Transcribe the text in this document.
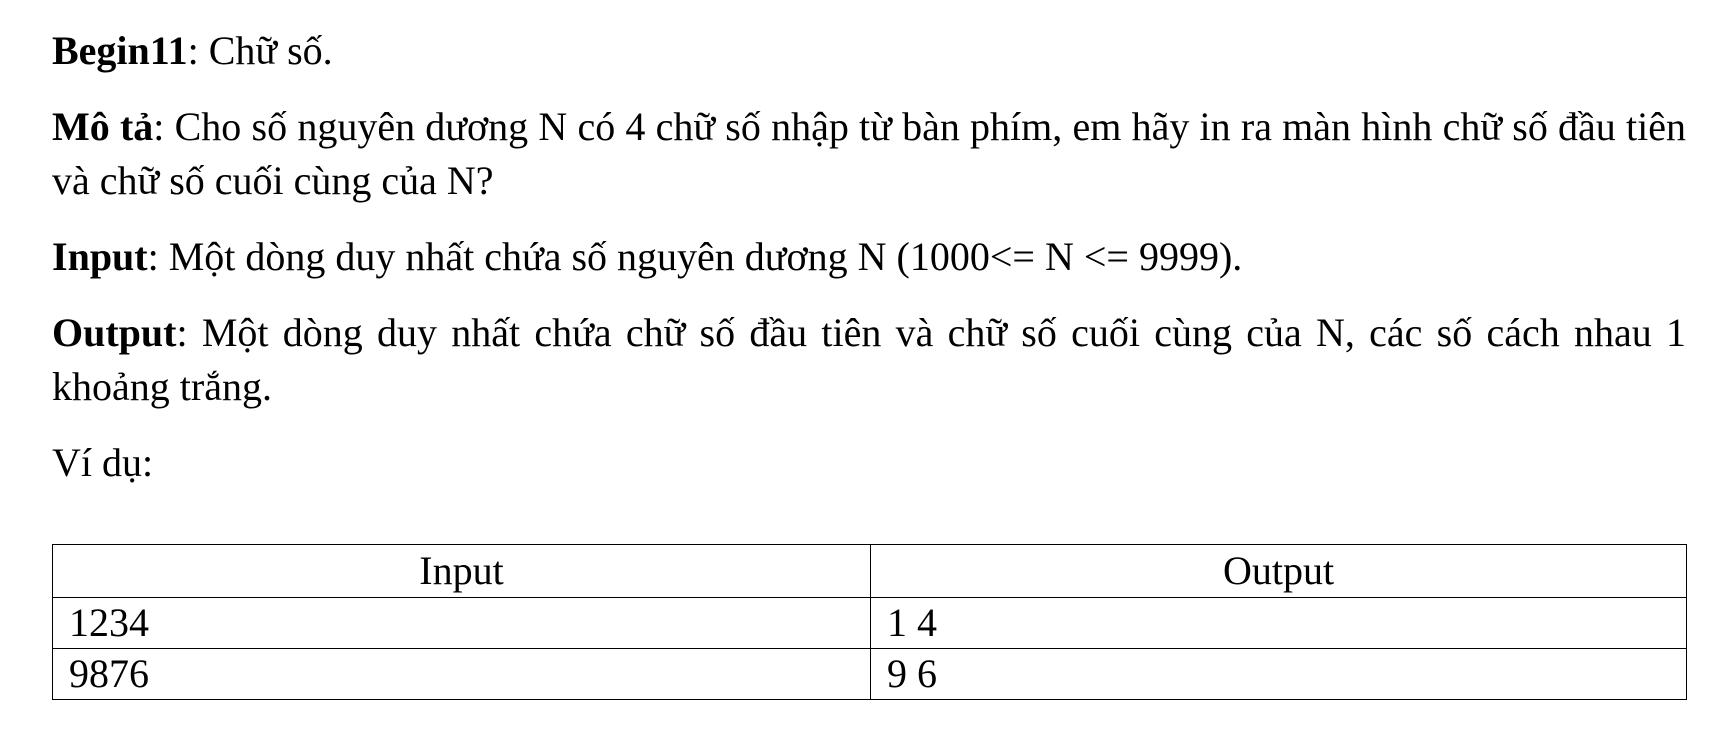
Begin11: Chữ số.

Mô tả: Cho số nguyên dương N có 4 chữ số nhập từ bàn phím, em hãy in ra màn hình chữ số đầu tiên và chữ số cuối cùng của N?

Input: Một dòng duy nhất chứa số nguyên dương N (1000<= N <= 9999).

Output: Một dòng duy nhất chứa chữ số đầu tiên và chữ số cuối cùng của N, các số cách nhau 1 khoảng trắng.

Ví dụ:

Input	Output
1234	1 4
9876	9 6
